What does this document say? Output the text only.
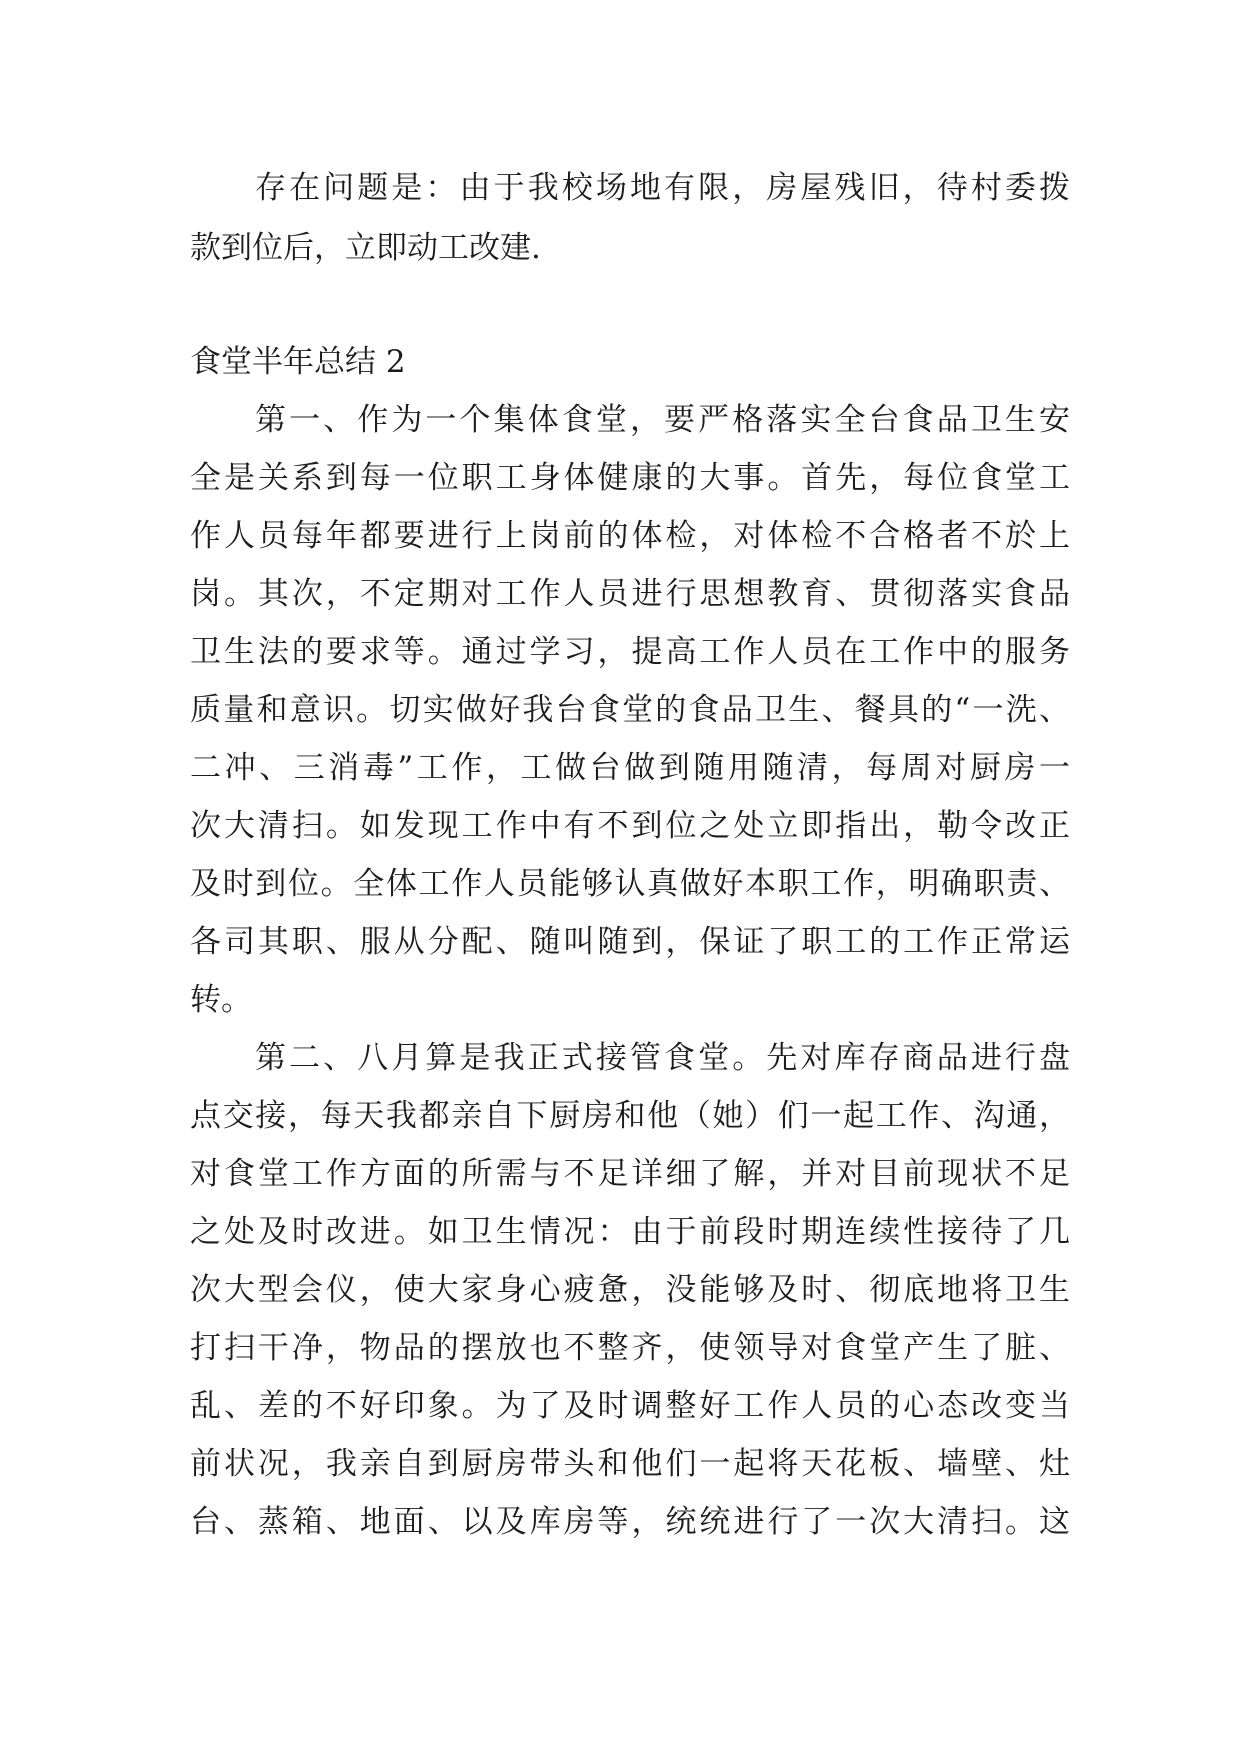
存在问题是：由于我校场地有限，房屋残旧，待村委拨
款到位后，立即动工改建.
食堂半年总结 2
第一、作为一个集体食堂，要严格落实全台食品卫生安
全是关系到每一位职工身体健康的大事。首先，每位食堂工
作人员每年都要进行上岗前的体检，对体检不合格者不於上
岗。其次，不定期对工作人员进行思想教育、贯彻落实食品
卫生法的要求等。通过学习，提高工作人员在工作中的服务
质量和意识。切实做好我台食堂的食品卫生、餐具的“一洗、
二冲、三消毒”工作，工做台做到随用随清，每周对厨房一
次大清扫。如发现工作中有不到位之处立即指出，勒令改正
及时到位。全体工作人员能够认真做好本职工作，明确职责、
各司其职、服从分配、随叫随到，保证了职工的工作正常运
转。
第二、八月算是我正式接管食堂。先对库存商品进行盘
点交接，每天我都亲自下厨房和他（她）们一起工作、沟通，
对食堂工作方面的所需与不足详细了解，并对目前现状不足
之处及时改进。如卫生情况：由于前段时期连续性接待了几
次大型会仪，使大家身心疲惫，没能够及时、彻底地将卫生
打扫干净，物品的摆放也不整齐，使领导对食堂产生了脏、
乱、差的不好印象。为了及时调整好工作人员的心态改变当
前状况，我亲自到厨房带头和他们一起将天花板、墙壁、灶
台、蒸箱、地面、以及库房等，统统进行了一次大清扫。这
